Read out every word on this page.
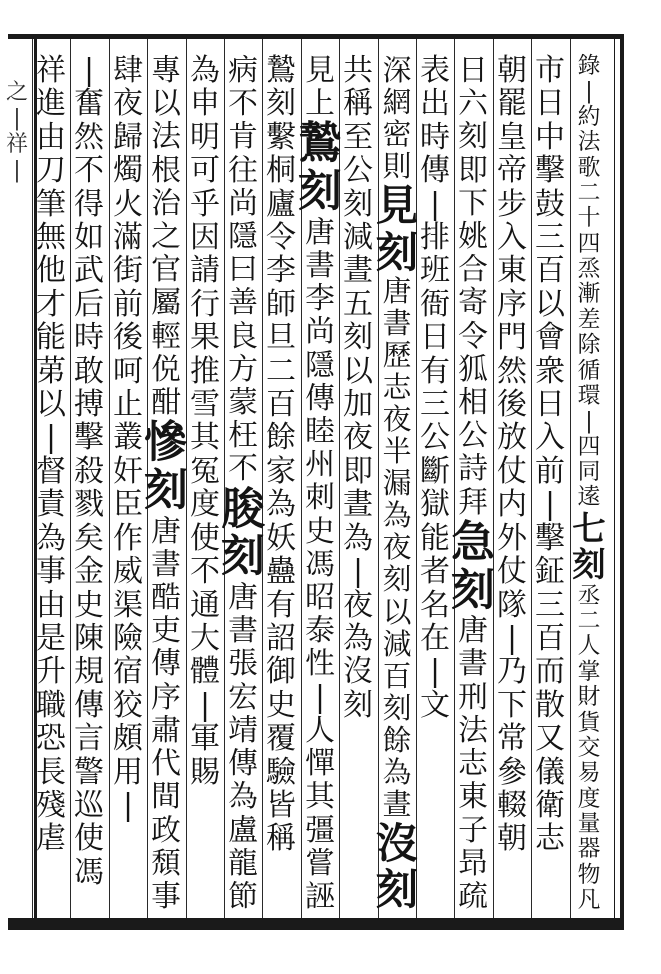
之
|
祥
|
錄
|
約
法
歌
二
十
四
烝
漸
差
除
循
環
|
四
同
逺
七
刻
丞
二
人
掌
財
貨
交
易
度
量
器
物
凡
市
日
中
擊
鼓
三
百
以
會
衆
日
入
前
|
擊
鉦
三
百
而
散
又
儀
衛
志
朝
罷
皇
帝
步
入
東
序
門
然
後
放
仗
内
外
仗
隊
|
乃
下
常
參
輟
朝
日
六
刻
即
下
姚
合
寄
令
狐
相
公
詩
拜
急
刻
唐
書
刑
法
志
東
子
昻
疏
表
出
時
傳
|
排
班
衙
日
有
三
公
斷
獄
能
者
名
在
|
文
深
網
密
則
見
刻
唐
書
歷
志
夜
半
漏
為
夜
刻
以
減
百
刻
餘
為
晝
沒
刻
共
稱
至
公
刻
減
晝
五
刻
以
加
夜
即
晝
為
|
夜
為
沒
刻
見
上
鷙
刻
唐
書
李
尚
隱
傳
睦
州
刺
史
馮
昭
泰
性
|
人
憚
其
彊
嘗
誣
鷙
刻
繫
桐
廬
令
李
師
旦
二
百
餘
家
為
妖
蠱
有
詔
御
史
覆
驗
皆
稱
病
不
肯
往
尚
隱
曰
善
良
方
蒙
枉
不
朘
刻
唐
書
張
宏
靖
傳
為
盧
龍
節
為
申
明
可
乎
因
請
行
果
推
雪
其
冤
度
使
不
通
大
體
|
軍
賜
專
以
法
根
治
之
官
屬
輕
侻
酣
慘
刻
唐
書
酷
吏
傳
序
肅
代
間
政
頹
事
肆
夜
歸
燭
火
滿
街
前
後
呵
止
叢
奸
臣
作
威
渠
險
宿
狡
頗
用
|
|
奮
然
不
得
如
武
后
時
敢
搏
擊
殺
戮
矣
金
史
陳
規
傳
言
警
巡
使
馮
祥
進
由
刀
筆
無
他
才
能
苐
以
|
督
責
為
事
由
是
升
職
恐
長
殘
虐
